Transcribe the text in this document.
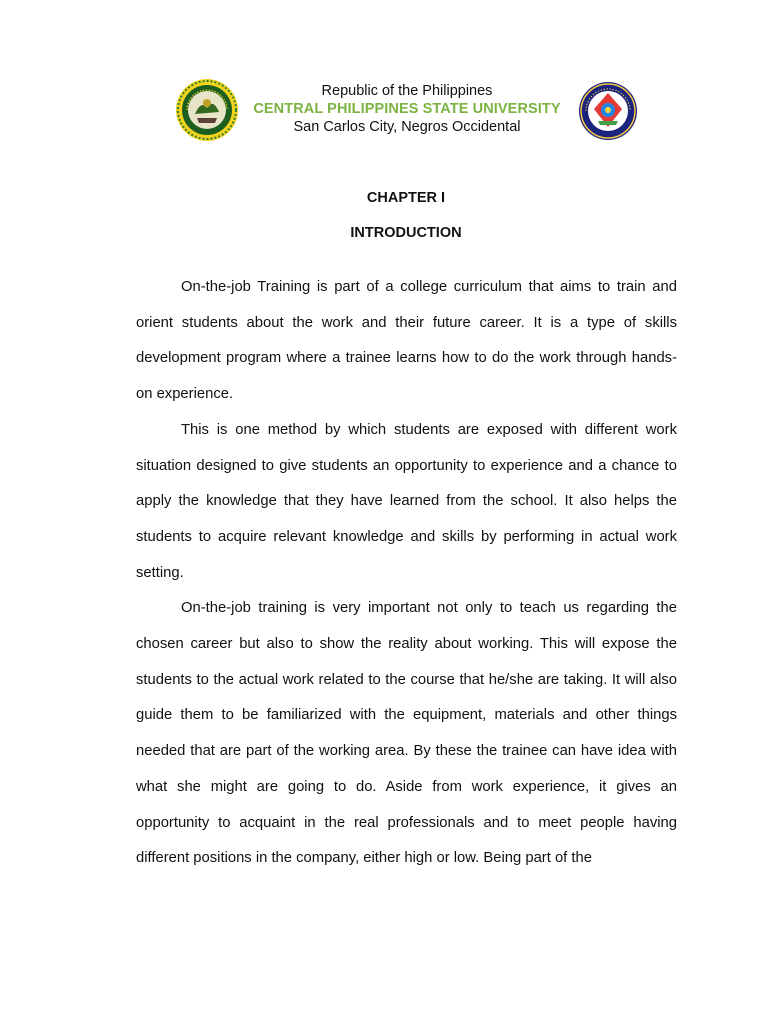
Republic of the Philippines
CENTRAL PHILIPPINES STATE UNIVERSITY
San Carlos City, Negros Occidental
CHAPTER I
INTRODUCTION

On-the-job Training is part of a college curriculum that aims to train and orient students about the work and their future career. It is a type of skills development program where a trainee learns how to do the work through hands-on experience.

This is one method by which students are exposed with different work situation designed to give students an opportunity to experience and a chance to apply the knowledge that they have learned from the school. It also helps the students to acquire relevant knowledge and skills by performing in actual work setting.

On-the-job training is very important not only to teach us regarding the chosen career but also to show the reality about working. This will expose the students to the actual work related to the course that he/she are taking. It will also guide them to be familiarized with the equipment, materials and other things needed that are part of the working area. By these the trainee can have idea with what she might are going to do. Aside from work experience, it gives an opportunity to acquaint in the real professionals and to meet people having different positions in the company, either high or low. Being part of the
